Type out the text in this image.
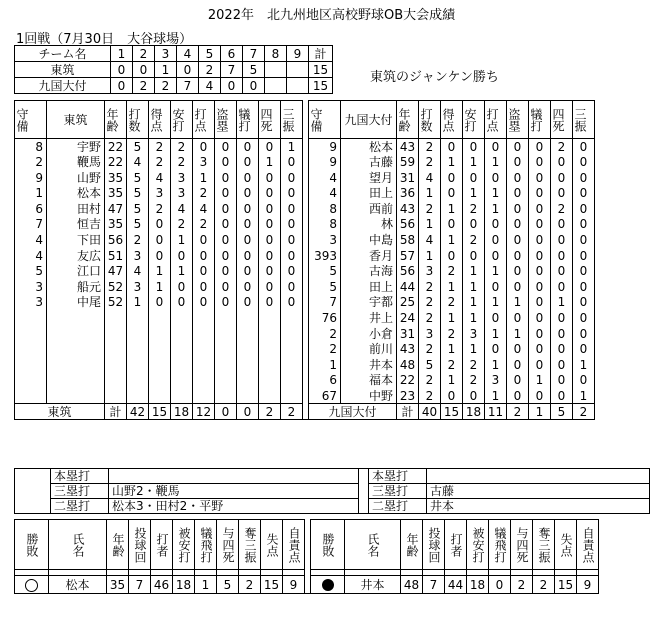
2022年　北九州地区高校野球OB大会成績
1回戦（7月30日　大谷球場）
チーム名	1	2	3	4	5	6	7	8	9	計
東筑	0	0	1	0	2	7	5			15
九国大付	0	2	2	7	4	0	0			15
東筑のジャンケン勝ち
守備	東筑	年齢	打数	得点	安打	打点	盗塁	犠打	四死	三振		守備	九国大付	年齢	打数	得点	安打	打点	盗塁	犠打	四死	三振

8	宇野	22	5	2	2	0	0	0	0	1		9	松本	43	2	0	0	0	0	0	2	0
2	鞭馬	22	4	2	2	3	0	0	1	0		9	古藤	59	2	1	1	1	0	0	0	0
9	山野	35	5	4	3	1	0	0	0	0		4	望月	31	4	0	0	0	0	0	0	0
1	松本	35	5	3	3	2	0	0	0	0		4	田上	36	1	0	1	1	0	0	0	0
6	田村	47	5	2	4	4	0	0	0	0		8	西前	43	2	1	2	1	0	0	2	0
7	恒吉	35	5	0	2	2	0	0	0	0		8	林	56	1	0	0	0	0	0	0	0
4	下田	56	2	0	1	0	0	0	0	0		3	中島	58	4	1	2	0	0	0	0	0
4	友広	51	3	0	0	0	0	0	0	0		393	香月	57	1	0	0	0	0	0	0	0
5	江口	47	4	1	1	0	0	0	0	0		5	古海	56	3	2	1	1	0	0	0	0
3	船元	52	3	1	0	0	0	0	0	0		5	田上	44	2	1	1	0	0	0	0	0
3	中尾	52	1	0	0	0	0	0	0	0		7	宇都	25	2	2	1	1	1	0	1	0
												76	井上	24	2	1	1	0	0	0	0	0
												2	小倉	31	3	2	3	1	1	0	0	0
												2	前川	43	2	1	1	0	0	0	0	0
												1	井本	48	5	2	2	1	0	0	0	1
												6	福本	22	2	1	2	3	0	1	0	0
												67	中野	23	2	0	0	1	0	0	0	1
東筑		計	42	15	18	12	0	0	2	2		九国大付		計	40	15	18	11	2	1	5	2
	本塁打			本塁打	
	三塁打	山野2・鞭馬		三塁打	古藤
	二塁打	松本3・田村2・平野		二塁打	井本
勝敗	氏名	年齢	投球回	打者	被安打	犠飛打	与四死	奪三振	失点	自責点		勝敗	氏名	年齢	投球回	打者	被安打	犠飛打	与四死	奪三振	失点	自責点

	松本	35	7	46	18	1	5	2	15	9			井本	48	7	44	18	0	2	2	15	9
